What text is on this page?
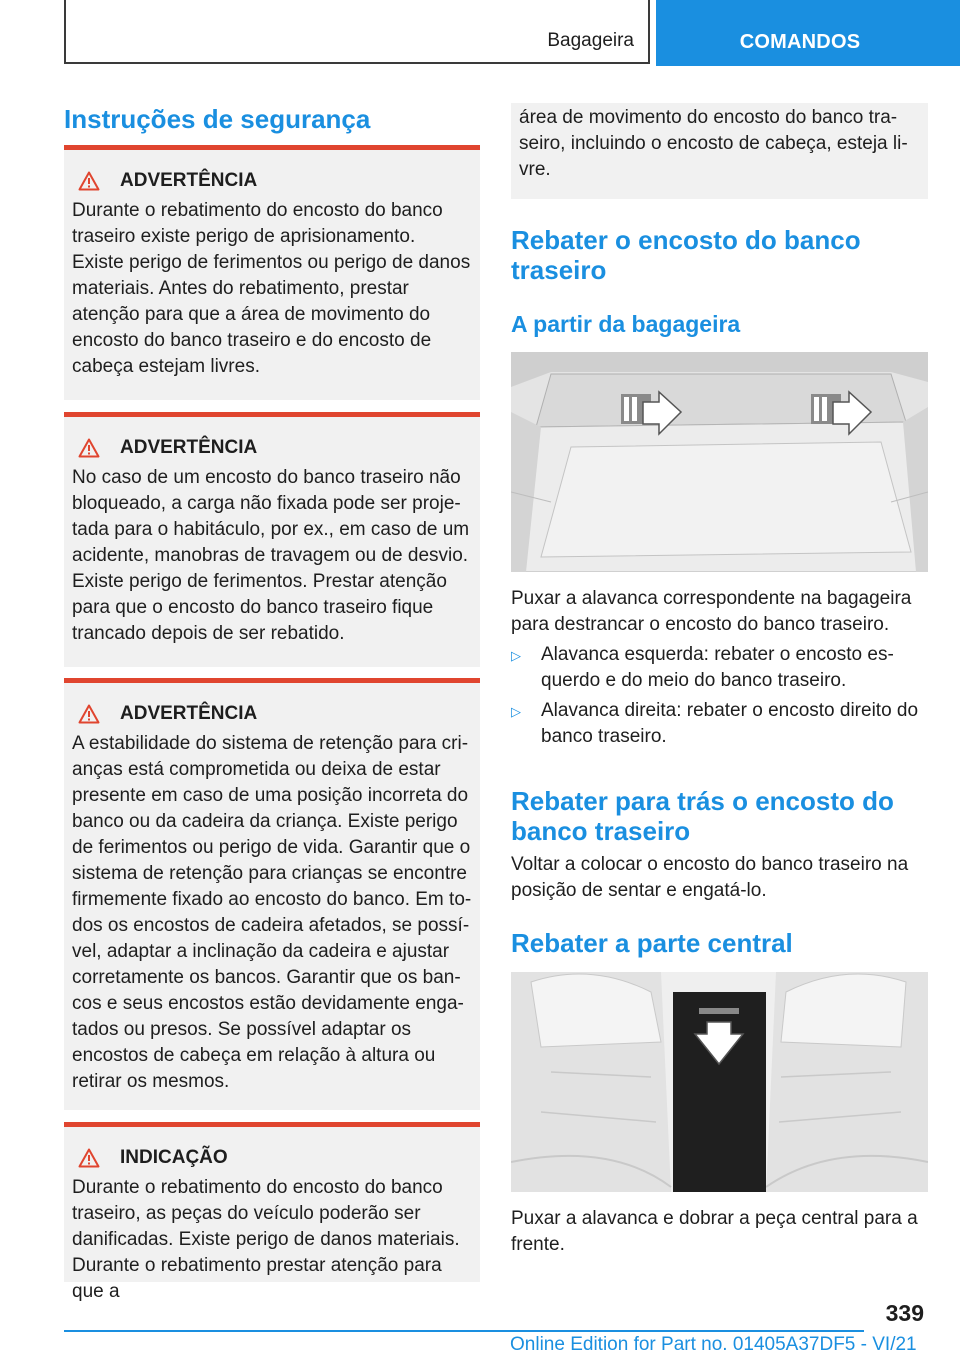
Bagageira	COMANDOS
Instruções de segurança
ADVERTÊNCIA
Durante o rebatimento do encosto do banco traseiro existe perigo de aprisionamento. Existe perigo de ferimentos ou perigo de danos materiais. Antes do rebatimento, prestar atenção para que a área de movimento do encosto do banco traseiro e do encosto de cabeça estejam livres.
ADVERTÊNCIA
No caso de um encosto do banco traseiro não bloqueado, a carga não fixada pode ser projetada para o habitáculo, por ex., em caso de um acidente, manobras de travagem ou de desvio. Existe perigo de ferimentos. Prestar atenção para que o encosto do banco traseiro fique trancado depois de ser rebatido.
ADVERTÊNCIA
A estabilidade do sistema de retenção para crianças está comprometida ou deixa de estar presente em caso de uma posição incorreta do banco ou da cadeira da criança. Existe perigo de ferimentos ou perigo de vida. Garantir que o sistema de retenção para crianças se encontre firmemente fixado ao encosto do banco. Em todos os encostos de cadeira afetados, se possível, adaptar a inclinação da cadeira e ajustar corretamente os bancos. Garantir que os bancos e seus encostos estão devidamente engatados ou presos. Se possível adaptar os encostos de cabeça em relação à altura ou retirar os mesmos.
INDICAÇÃO
Durante o rebatimento do encosto do banco traseiro, as peças do veículo poderão ser danificadas. Existe perigo de danos materiais. Durante o rebatimento prestar atenção para que a
área de movimento do encosto do banco traseiro, incluindo o encosto de cabeça, esteja livre.
Rebater o encosto do banco traseiro
A partir da bagageira

Puxar a alavanca correspondente na bagageira para destrancar o encosto do banco traseiro.

▷	Alavanca esquerda: rebater o encosto esquerdo e do meio do banco traseiro.
▷	Alavanca direita: rebater o encosto direito do banco traseiro.
Rebater para trás o encosto do banco traseiro

Voltar a colocar o encosto do banco traseiro na posição de sentar e engatá-lo.

Rebater a parte central

Puxar a alavanca e dobrar a peça central para a frente.

339
Online Edition for Part no. 01405A37DF5 - VI/21
